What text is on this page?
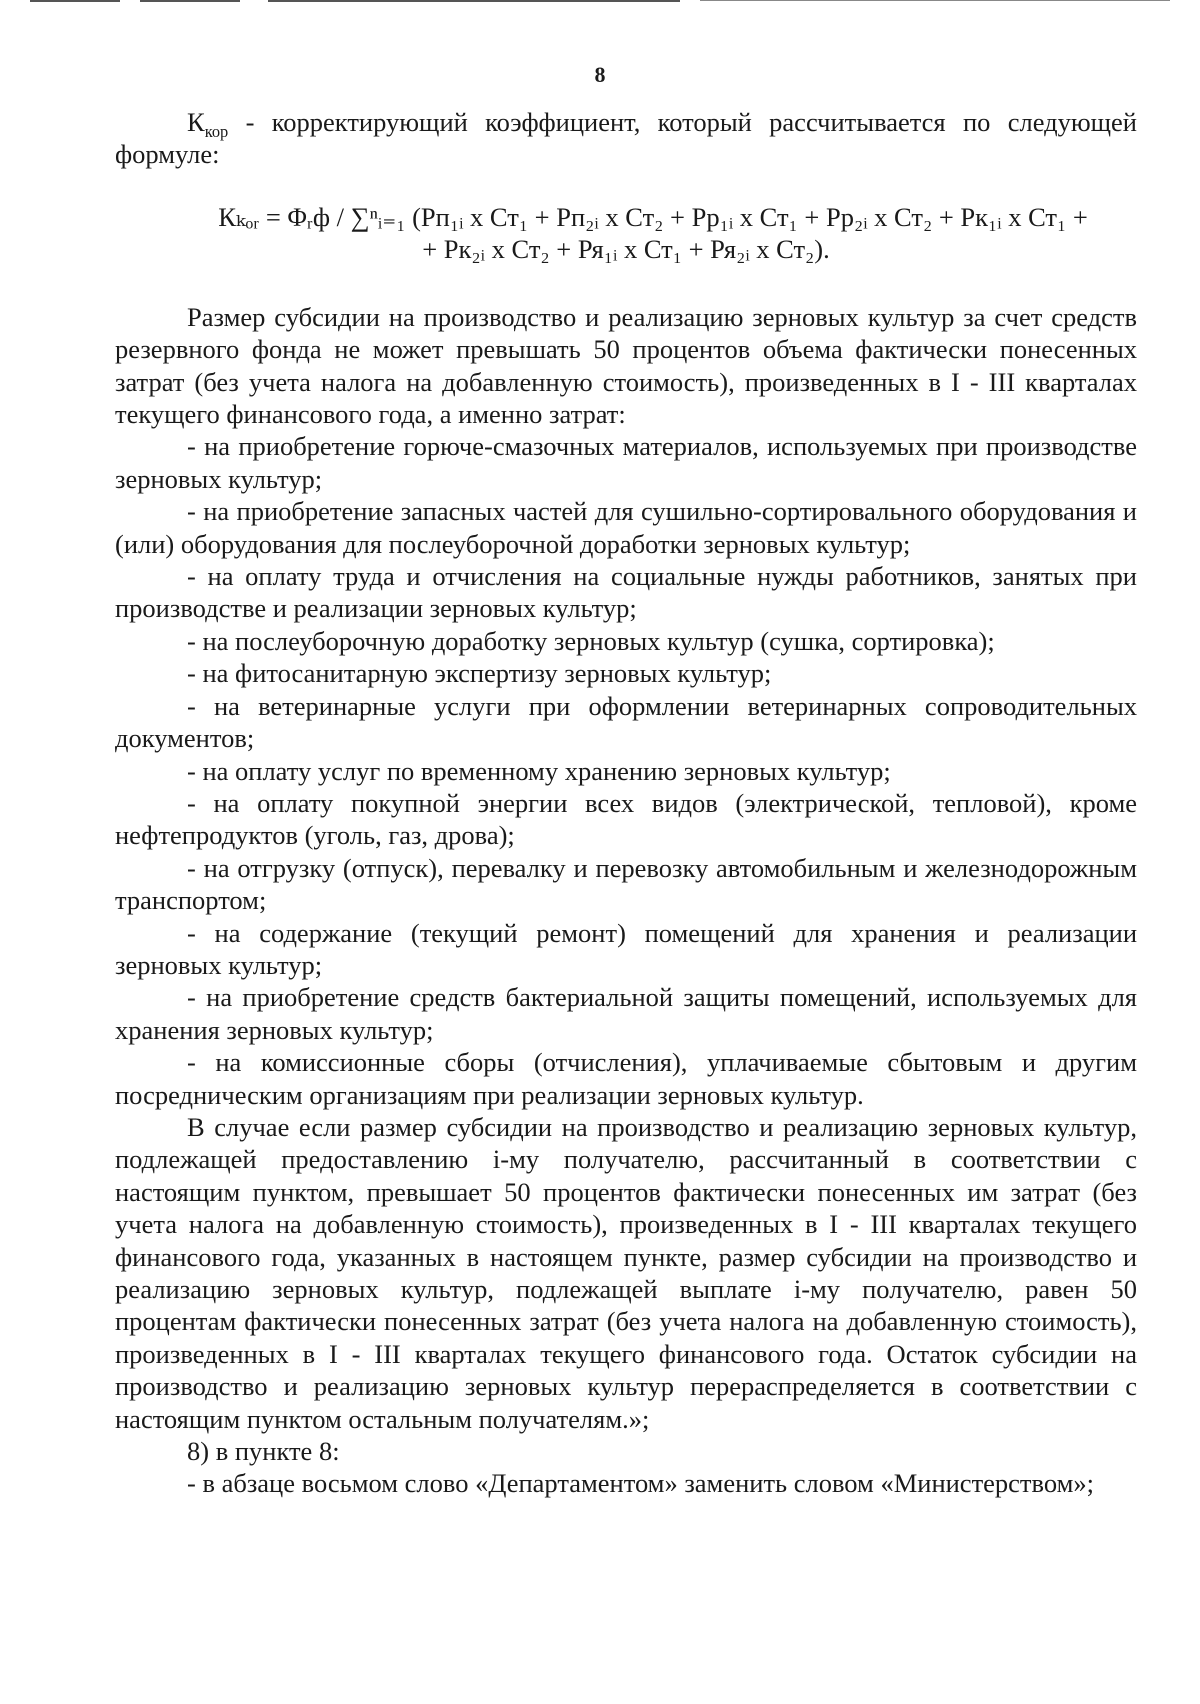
8

$К_{кор}$ - корректирующий коэффициент, который рассчитывается по следующей формуле:

Кₖₒᵣ = Φᵣф / ∑ⁿᵢ₌₁ (Рп₁ᵢ х Ст₁ + Рп₂ᵢ х Ст₂ + Рр₁ᵢ х Ст₁ + Рр₂ᵢ х Ст₂ + Рк₁ᵢ х Ст₁ +
+ Рк₂ᵢ х Ст₂ + Ря₁ᵢ х Ст₁ + Ря₂ᵢ х Ст₂).

Размер субсидии на производство и реализацию зерновых культур за счет средств резервного фонда не может превышать 50 процентов объема фактически понесенных затрат (без учета налога на добавленную стоимость), произведенных в I - III кварталах текущего финансового года, а именно затрат:

- на приобретение горюче-смазочных материалов, используемых при производстве зерновых культур;

- на приобретение запасных частей для сушильно-сортировального оборудования и (или) оборудования для послеуборочной доработки зерновых культур;

- на оплату труда и отчисления на социальные нужды работников, занятых при производстве и реализации зерновых культур;

- на послеуборочную доработку зерновых культур (сушка, сортировка);

- на фитосанитарную экспертизу зерновых культур;

- на ветеринарные услуги при оформлении ветеринарных сопроводительных документов;

- на оплату услуг по временному хранению зерновых культур;

- на оплату покупной энергии всех видов (электрической, тепловой), кроме нефтепродуктов (уголь, газ, дрова);

- на отгрузку (отпуск), перевалку и перевозку автомобильным и железнодорожным транспортом;

- на содержание (текущий ремонт) помещений для хранения и реализации зерновых культур;

- на приобретение средств бактериальной защиты помещений, используемых для хранения зерновых культур;

- на комиссионные сборы (отчисления), уплачиваемые сбытовым и другим посредническим организациям при реализации зерновых культур.

В случае если размер субсидии на производство и реализацию зерновых культур, подлежащей предоставлению i-му получателю, рассчитанный в соответствии с настоящим пунктом, превышает 50 процентов фактически понесенных им затрат (без учета налога на добавленную стоимость), произведенных в I - III кварталах текущего финансового года, указанных в настоящем пункте, размер субсидии на производство и реализацию зерновых культур, подлежащей выплате i-му получателю, равен 50 процентам фактически понесенных затрат (без учета налога на добавленную стоимость), произведенных в I - III кварталах текущего финансового года. Остаток субсидии на производство и реализацию зерновых культур перераспределяется в соответствии с настоящим пунктом остальным получателям.»;

8) в пункте 8:

- в абзаце восьмом слово «Департаментом» заменить словом «Министерством»;
